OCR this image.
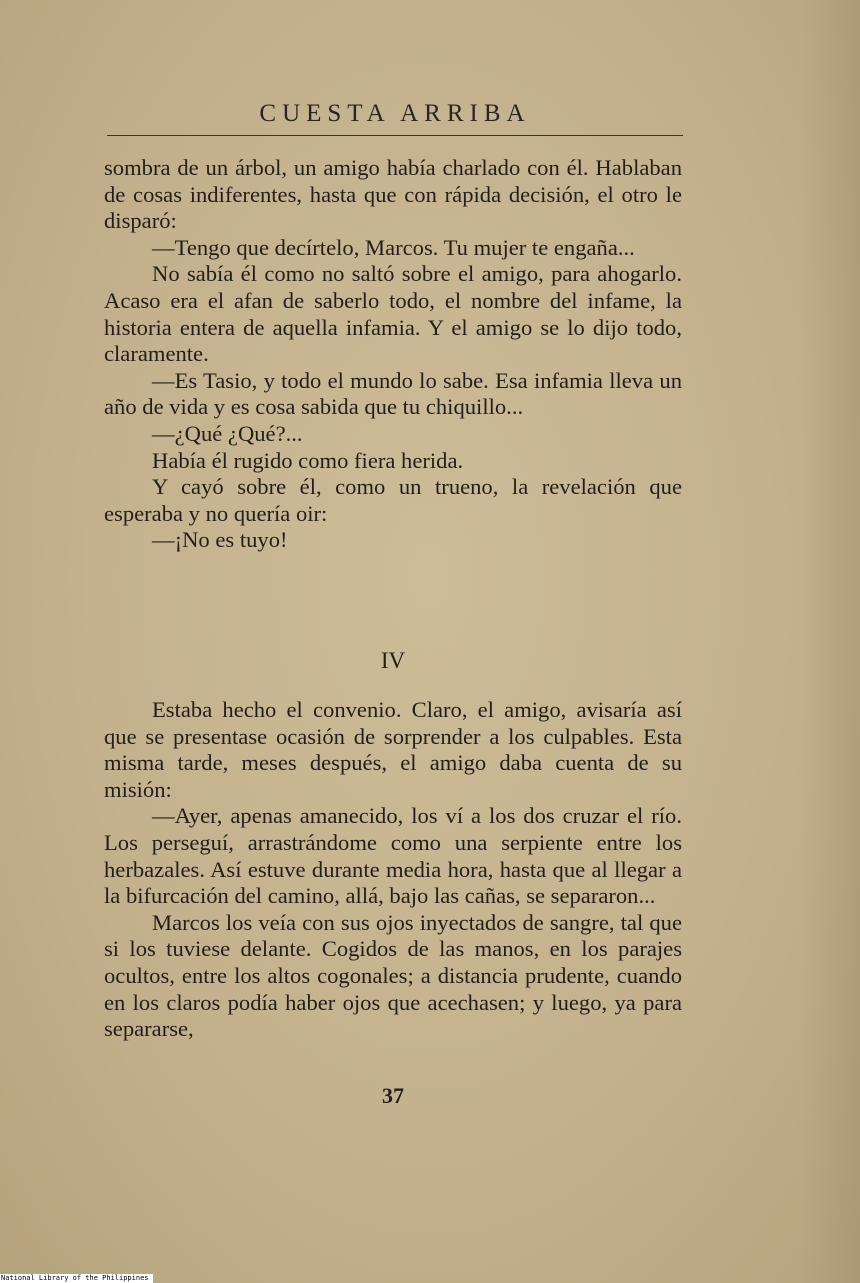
CUESTA ARRIBA

sombra de un árbol, un amigo había charlado con él. Hablaban de cosas indiferentes, hasta que con rápida decisión, el otro le disparó:

—Tengo que decírtelo, Marcos. Tu mujer te engaña...

No sabía él como no saltó sobre el amigo, para ahogarlo. Acaso era el afan de saberlo todo, el nombre del infame, la historia entera de aquella infamia. Y el amigo se lo dijo todo, claramente.

—Es Tasio, y todo el mundo lo sabe. Esa infamia lleva un año de vida y es cosa sabida que tu chiquillo...

—¿Qué ¿Qué?...

Había él rugido como fiera herida.

Y cayó sobre él, como un trueno, la revelación que esperaba y no quería oir:

—¡No es tuyo!

IV

Estaba hecho el convenio. Claro, el amigo, avisaría así que se presentase ocasión de sorprender a los culpables. Esta misma tarde, meses después, el amigo daba cuenta de su misión:

—Ayer, apenas amanecido, los ví a los dos cruzar el río. Los perseguí, arrastrándome como una serpiente entre los herbazales. Así estuve durante media hora, hasta que al llegar a la bifurcación del camino, allá, bajo las cañas, se separaron...

Marcos los veía con sus ojos inyectados de sangre, tal que si los tuviese delante. Cogidos de las manos, en los parajes ocultos, entre los altos cogonales; a distancia prudente, cuando en los claros podía haber ojos que acechasen; y luego, ya para separarse,

37
National Library of the Philippines
